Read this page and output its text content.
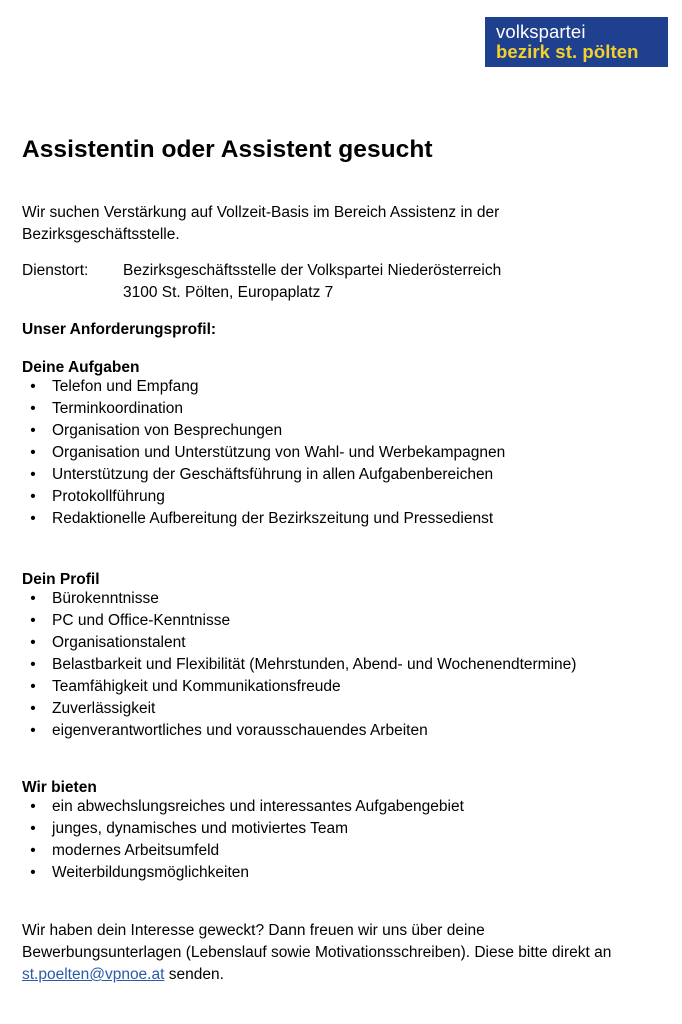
volkspartei
bezirk st. pölten
Assistentin oder Assistent gesucht

Wir suchen Verstärkung auf Vollzeit-Basis im Bereich Assistenz in der Bezirksgeschäftsstelle.

Dienstort: Bezirksgeschäftsstelle der Volkspartei Niederösterreich
3100 St. Pölten, Europaplatz 7

Unser Anforderungsprofil:

Deine Aufgaben

• Telefon und Empfang
• Terminkoordination
• Organisation von Besprechungen
• Organisation und Unterstützung von Wahl- und Werbekampagnen
• Unterstützung der Geschäftsführung in allen Aufgabenbereichen
• Protokollführung
• Redaktionelle Aufbereitung der Bezirkszeitung und Pressedienst

Dein Profil

• Bürokenntnisse
• PC und Office-Kenntnisse
• Organisationstalent
• Belastbarkeit und Flexibilität (Mehrstunden, Abend- und Wochenendtermine)
• Teamfähigkeit und Kommunikationsfreude
• Zuverlässigkeit
• eigenverantwortliches und vorausschauendes Arbeiten

Wir bieten

• ein abwechslungsreiches und interessantes Aufgabengebiet
• junges, dynamisches und motiviertes Team
• modernes Arbeitsumfeld
• Weiterbildungsmöglichkeiten
Wir haben dein Interesse geweckt? Dann freuen wir uns über deine
Bewerbungsunterlagen (Lebenslauf sowie Motivationsschreiben). Diese bitte direkt an
st.poelten@vpnoe.at senden.
